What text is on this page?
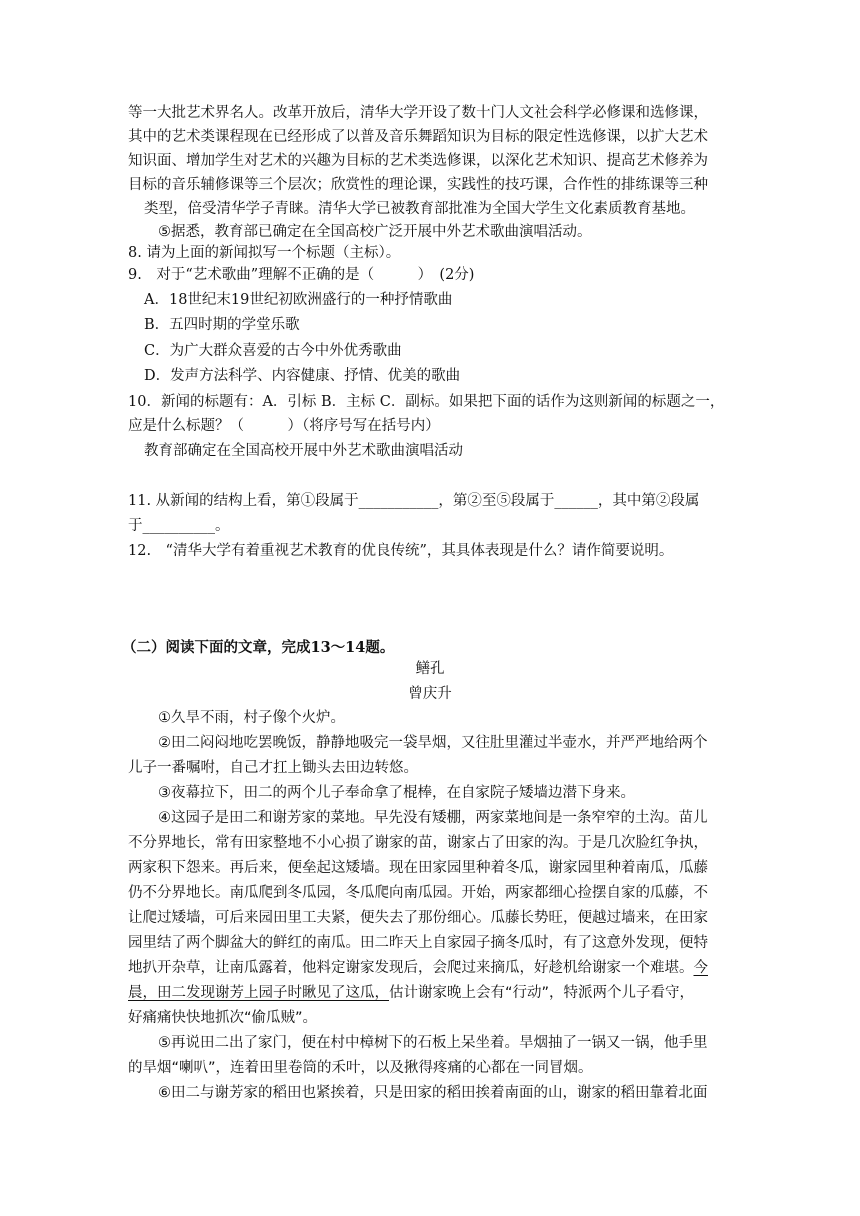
等一大批艺术界名人。改革开放后，清华大学开设了数十门人文社会科学必修课和选修课，
其中的艺术类课程现在已经形成了以普及音乐舞蹈知识为目标的限定性选修课，以扩大艺术
知识面、增加学生对艺术的兴趣为目标的艺术类选修课，以深化艺术知识、提高艺术修养为
目标的音乐辅修课等三个层次；欣赏性的理论课，实践性的技巧课，合作性的排练课等三种
类型，倍受清华学子青睐。清华大学已被教育部批准为全国大学生文化素质教育基地。
⑤据悉，教育部已确定在全国高校广泛开展中外艺术歌曲演唱活动。
8. 请为上面的新闻拟写一个标题（主标）。
9.　对于“艺术歌曲”理解不正确的是（　　　）　(2分)
A．18世纪末19世纪初欧洲盛行的一种抒情歌曲
B．五四时期的学堂乐歌
C．为广大群众喜爱的古今中外优秀歌曲
D．发声方法科学、内容健康、抒情、优美的歌曲
10．新闻的标题有：A．引标 B．主标 C．副标。如果把下面的话作为这则新闻的标题之一，
应是什么标题？（　　　）（将序号写在括号内）
教育部确定在全国高校开展中外艺术歌曲演唱活动
11. 从新闻的结构上看，第①段属于___________，第②至⑤段属于______，其中第②段属
于__________。
12.　“清华大学有着重视艺术教育的优良传统”，其具体表现是什么？请作简要说明。
（二）阅读下面的文章，完成13～14题。
鳝孔
曾庆升
①久旱不雨，村子像个火炉。
②田二闷闷地吃罢晚饭，静静地吸完一袋旱烟，又往肚里灌过半壶水，并严严地给两个
儿子一番嘱咐，自己才扛上锄头去田边转悠。
③夜幕拉下，田二的两个儿子奉命拿了棍棒，在自家院子矮墙边潜下身来。
④这园子是田二和谢芳家的菜地。早先没有矮棚，两家菜地间是一条窄窄的土沟。苗儿
不分界地长，常有田家整地不小心损了谢家的苗，谢家占了田家的沟。于是几次脸红争执，
两家积下怨来。再后来，便垒起这矮墙。现在田家园里种着冬瓜，谢家园里种着南瓜，瓜藤
仍不分界地长。南瓜爬到冬瓜园，冬瓜爬向南瓜园。开始，两家都细心捡摆自家的瓜藤，不
让爬过矮墙，可后来园田里工夫紧，便失去了那份细心。瓜藤长势旺，便越过墙来，在田家
园里结了两个脚盆大的鲜红的南瓜。田二昨天上自家园子摘冬瓜时，有了这意外发现，便特
地扒开杂草，让南瓜露着，他料定谢家发现后，会爬过来摘瓜，好趁机给谢家一个难堪。今
晨，田二发现谢芳上园子时瞅见了这瓜，估计谢家晚上会有“行动”，特派两个儿子看守，
好痛痛快快地抓次“偷瓜贼”。
⑤再说田二出了家门，便在村中樟树下的石板上呆坐着。旱烟抽了一锅又一锅，他手里
的旱烟“喇叭”，连着田里卷筒的禾叶，以及揪得疼痛的心都在一同冒烟。
⑥田二与谢芳家的稻田也紧挨着，只是田家的稻田挨着南面的山，谢家的稻田靠着北面
